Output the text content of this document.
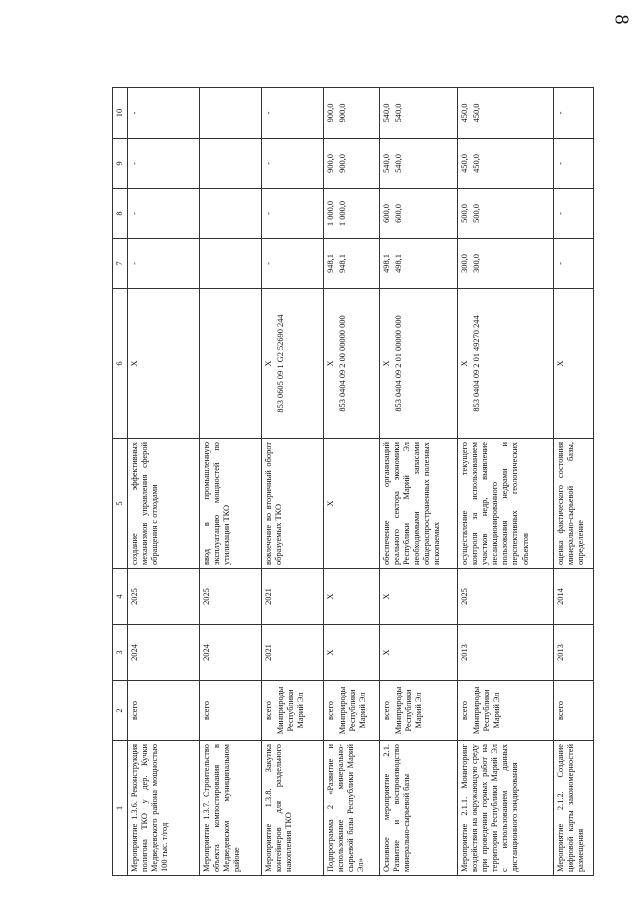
8
1	2	3	4	5	6	7	8	9	10
Мероприятие 1.3.6. Реконструкция полигона ТКО у дер. Кучки Медведевского района мощностью 100 тыс. т/год	всего	2024	2025	создание эффективных механизмов управления сферой обращения с отходами	Х	-	-	-	-
Мероприятие 1.3.7. Строительство объекта компостирования в Медведевском муниципальном районе	всего	2024	2025	ввод в промышленную эксплуатацию мощностей по утилизации ТКО					
Мероприятие 1.3.8. Закупка контейнеров для раздельного накопления ТКО	всего Минприроды Республики Марий Эл	2021	2021	вовлечение во вторичный оборот образуемых ТКО	Х 853 0605 09 1 G2 52690 244	-	-	-	-
Подпрограмма 2 «Развитие и использование минерально-сырьевой базы Республики Марий Эл»	всего Минприроды Республики Марий Эл	Х	Х	Х	Х 853 0404 09 2 00 00000 000	948,1 948,1	1 000,0 1 000,0	900,0 900,0	900,0 900,0

Основное мероприятие 2.1. Развитие и воспроизводство минерально-сырьевой базы	всего Минприроды Республики Марий Эл	Х	Х	обеспечение организаций реального сектора экономики Республики Марий Эл необходимыми запасами общераспространенных полезных ископаемых	Х 853 0404 09 2 01 00000 000	498,1 498,1	600,0 600,0	540,0 540,0	540,0 540,0

Мероприятие 2.1.1. Мониторинг воздействия на окружающую среду при проведении горных работ на территории Республики Марий Эл с использованием данных дистанционного зондирования	всего Минприроды Республики Марий Эл	2013	2025	осуществление текущего контроля за использованием участков недр, выявление несанкционированного пользования недрами и перспективных геологических объектов	Х 853 0404 09 2 01 49270 244	300,0 300,0	500,0 500,0	450,0 450,0	450,0 450,0

Мероприятие 2.1.2. Создание цифровой карты закономерностей размещения	всего	2013	2014	оценка фактического состояния минерально-сырьевой базы, определение	Х	-	-	-	-
